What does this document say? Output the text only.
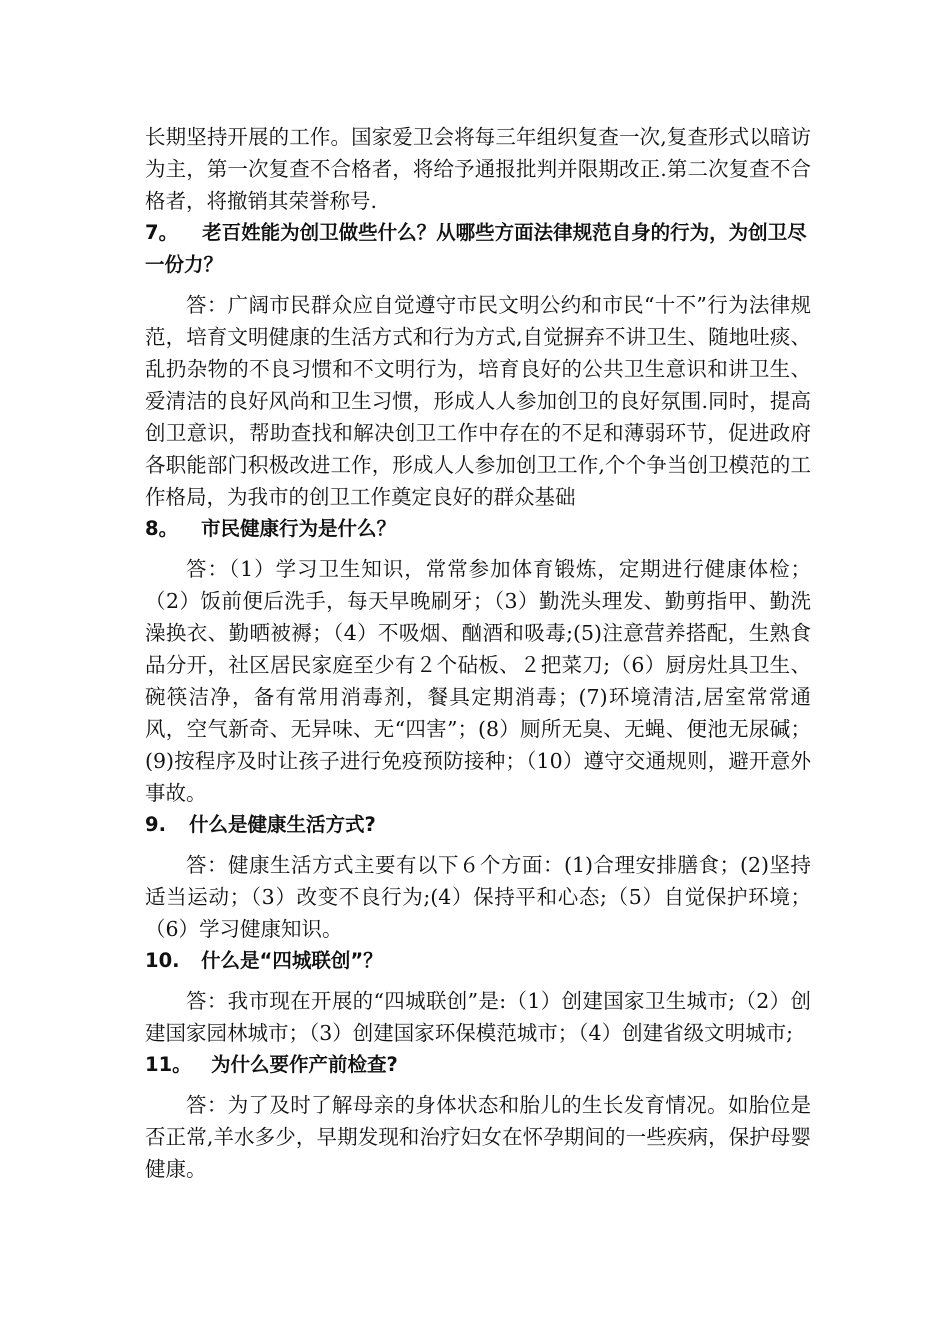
长期坚持开展的工作。国家爱卫会将每三年组织复查一次,复查形式以暗访为主，第一次复查不合格者，将给予通报批判并限期改正.第二次复查不合格者，将撤销其荣誉称号.

7。 老百姓能为创卫做些什么？从哪些方面法律规范自身的行为，为创卫尽一份力？

答：广阔市民群众应自觉遵守市民文明公约和市民“十不”行为法律规范，培育文明健康的生活方式和行为方式,自觉摒弃不讲卫生、随地吐痰、乱扔杂物的不良习惯和不文明行为，培育良好的公共卫生意识和讲卫生、爱清洁的良好风尚和卫生习惯，形成人人参加创卫的良好氛围.同时，提高创卫意识，帮助查找和解决创卫工作中存在的不足和薄弱环节，促进政府各职能部门积极改进工作，形成人人参加创卫工作,个个争当创卫模范的工作格局，为我市的创卫工作奠定良好的群众基础

8。	市民健康行为是什么？

答：（1）学习卫生知识，常常参加体育锻炼，定期进行健康体检；（2）饭前便后洗手，每天早晚刷牙；（3）勤洗头理发、勤剪指甲、勤洗澡换衣、勤晒被褥；（4）不吸烟、酗酒和吸毒;(5)注意营养搭配，生熟食品分开，社区居民家庭至少有２个砧板、２把菜刀;（6）厨房灶具卫生、碗筷洁净，备有常用消毒剂，餐具定期消毒；(7)环境清洁,居室常常通风，空气新奇、无异味、无“四害”；(8）厕所无臭、无蝇、便池无尿碱；(9)按程序及时让孩子进行免疫预防接种；（10）遵守交通规则，避开意外事故。

9.	什么是健康生活方式?

答：健康生活方式主要有以下６个方面：(1)合理安排膳食；(2)坚持适当运动；（3）改变不良行为;(4）保持平和心态;（5）自觉保护环境；（6）学习健康知识。

10.	什么是“四城联创”？

答：我市现在开展的“四城联创”是:（1）创建国家卫生城市;（2）创建国家园林城市；（3）创建国家环保模范城市；（4）创建省级文明城市;

11。 为什么要作产前检查?

答：为了及时了解母亲的身体状态和胎儿的生长发育情况。如胎位是否正常,羊水多少，早期发现和治疗妇女在怀孕期间的一些疾病，保护母婴健康。
